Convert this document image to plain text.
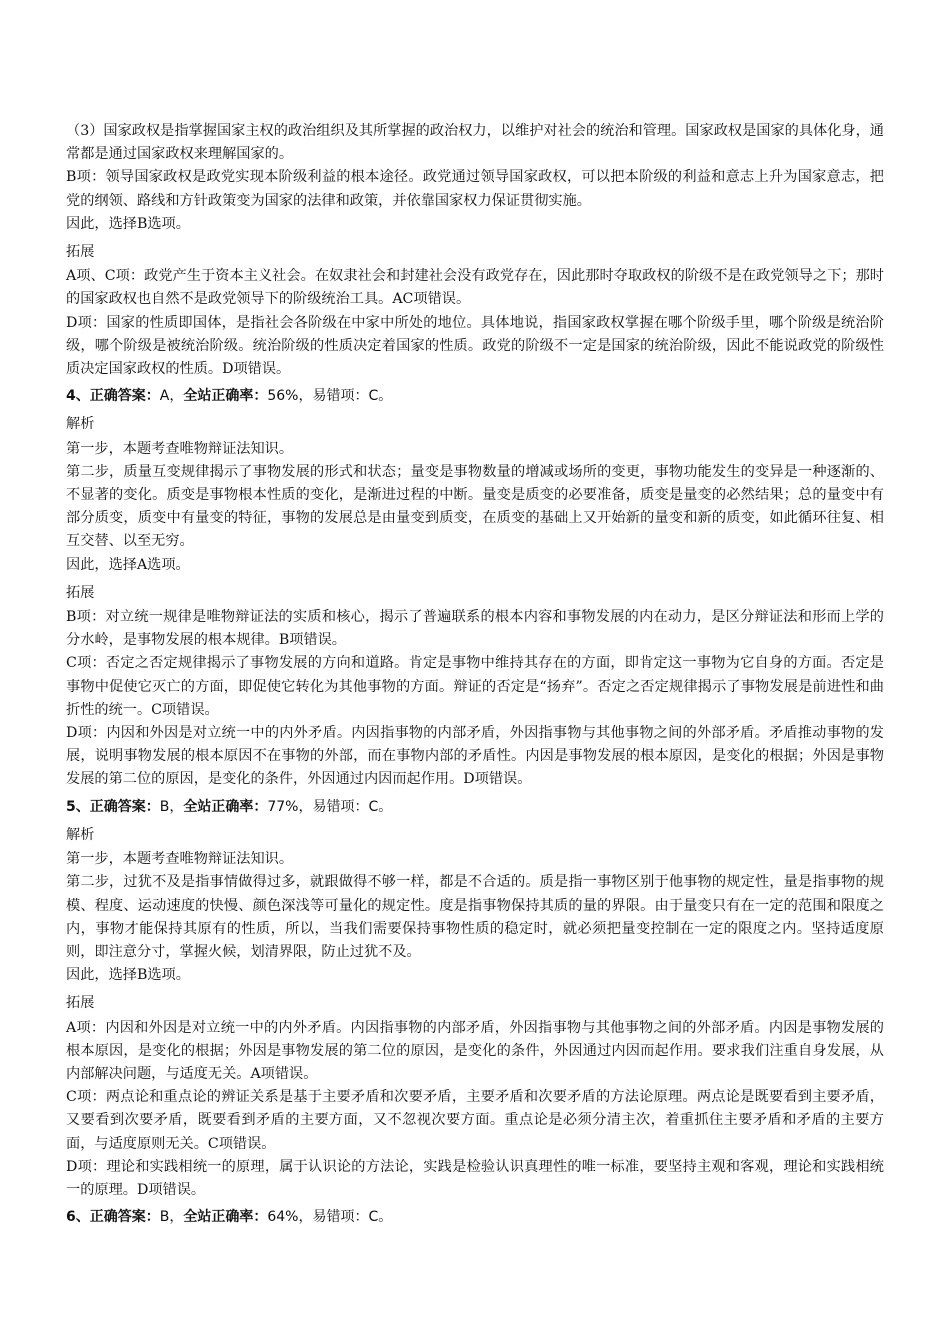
（3）国家政权是指掌握国家主权的政治组织及其所掌握的政治权力，以维护对社会的统治和管理。国家政权是国家的具体化身，通常都是通过国家政权来理解国家的。

B项：领导国家政权是政党实现本阶级利益的根本途径。政党通过领导国家政权，可以把本阶级的利益和意志上升为国家意志，把党的纲领、路线和方针政策变为国家的法律和政策，并依靠国家权力保证贯彻实施。

因此，选择B选项。

拓展

A项、C项：政党产生于资本主义社会。在奴隶社会和封建社会没有政党存在，因此那时夺取政权的阶级不是在政党领导之下；那时的国家政权也自然不是政党领导下的阶级统治工具。AC项错误。

D项：国家的性质即国体，是指社会各阶级在中家中所处的地位。具体地说，指国家政权掌握在哪个阶级手里，哪个阶级是统治阶级，哪个阶级是被统治阶级。统治阶级的性质决定着国家的性质。政党的阶级不一定是国家的统治阶级，因此不能说政党的阶级性质决定国家政权的性质。D项错误。

4、正确答案：A，全站正确率：56%，易错项：C。

解析

第一步，本题考查唯物辩证法知识。

第二步，质量互变规律揭示了事物发展的形式和状态；量变是事物数量的增减或场所的变更，事物功能发生的变异是一种逐渐的、不显著的变化。质变是事物根本性质的变化，是渐进过程的中断。量变是质变的必要准备，质变是量变的必然结果；总的量变中有部分质变，质变中有量变的特征，事物的发展总是由量变到质变，在质变的基础上又开始新的量变和新的质变，如此循环往复、相互交替、以至无穷。

因此，选择A选项。

拓展

B项：对立统一规律是唯物辩证法的实质和核心，揭示了普遍联系的根本内容和事物发展的内在动力，是区分辩证法和形而上学的分水岭，是事物发展的根本规律。B项错误。

C项：否定之否定规律揭示了事物发展的方向和道路。肯定是事物中维持其存在的方面，即肯定这一事物为它自身的方面。否定是事物中促使它灭亡的方面，即促使它转化为其他事物的方面。辩证的否定是“扬弃”。否定之否定规律揭示了事物发展是前进性和曲折性的统一。C项错误。

D项：内因和外因是对立统一中的内外矛盾。内因指事物的内部矛盾，外因指事物与其他事物之间的外部矛盾。矛盾推动事物的发展，说明事物发展的根本原因不在事物的外部，而在事物内部的矛盾性。内因是事物发展的根本原因，是变化的根据；外因是事物发展的第二位的原因，是变化的条件，外因通过内因而起作用。D项错误。

5、正确答案：B，全站正确率：77%，易错项：C。

解析

第一步，本题考查唯物辩证法知识。

第二步，过犹不及是指事情做得过多，就跟做得不够一样，都是不合适的。质是指一事物区别于他事物的规定性，量是指事物的规模、程度、运动速度的快慢、颜色深浅等可量化的规定性。度是指事物保持其质的量的界限。由于量变只有在一定的范围和限度之内，事物才能保持其原有的性质，所以，当我们需要保持事物性质的稳定时，就必须把量变控制在一定的限度之内。坚持适度原则，即注意分寸，掌握火候，划清界限，防止过犹不及。

因此，选择B选项。

拓展

A项：内因和外因是对立统一中的内外矛盾。内因指事物的内部矛盾，外因指事物与其他事物之间的外部矛盾。内因是事物发展的根本原因，是变化的根据；外因是事物发展的第二位的原因，是变化的条件，外因通过内因而起作用。要求我们注重自身发展，从内部解决问题，与适度无关。A项错误。

C项：两点论和重点论的辨证关系是基于主要矛盾和次要矛盾，主要矛盾和次要矛盾的方法论原理。两点论是既要看到主要矛盾，又要看到次要矛盾，既要看到矛盾的主要方面，又不忽视次要方面。重点论是必须分清主次，着重抓住主要矛盾和矛盾的主要方面，与适度原则无关。C项错误。

D项：理论和实践相统一的原理，属于认识论的方法论，实践是检验认识真理性的唯一标准，要坚持主观和客观，理论和实践相统一的原理。D项错误。

6、正确答案：B，全站正确率：64%，易错项：C。
